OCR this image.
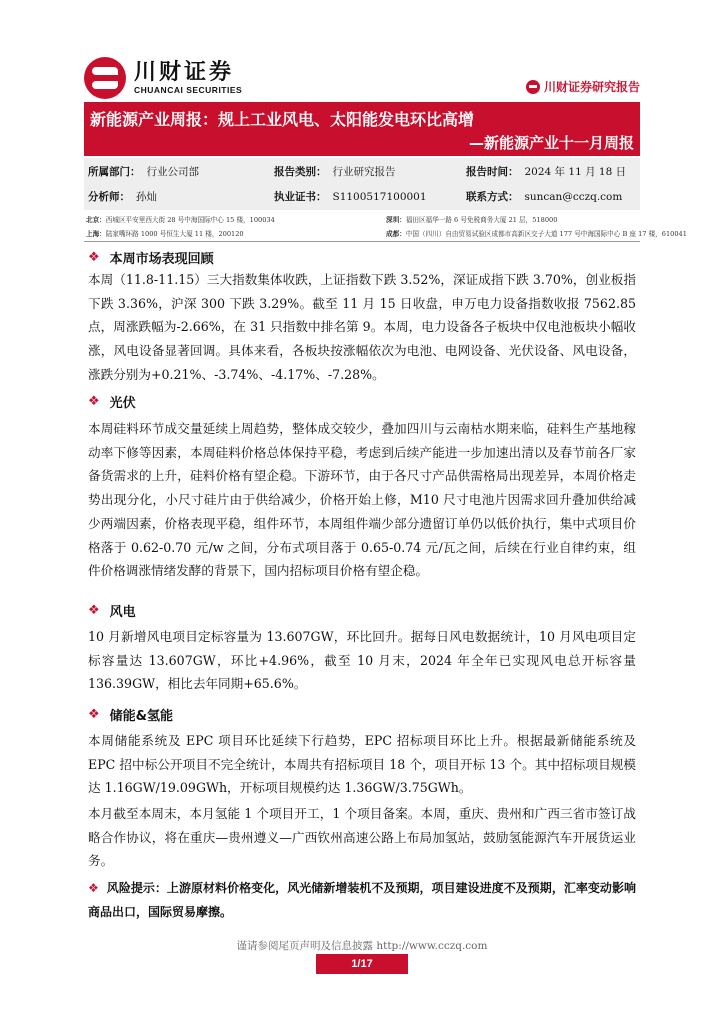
川财证券
CHUANCAI SECURITIES	川财证券研究报告
新能源产业周报：规上工业风电、太阳能发电环比高增
—新能源产业十一月周报
所属部门： 行业公司部	报告类别： 行业研究报告	报告时间： 2024 年 11 月 18 日
分析师： 孙灿	执业证书： S1100517100001	联系方式： suncan@cczq.com
北京：西城区平安里西大街 28 号中海国际中心 15 楼，100034	深圳：福田区福华一路 6 号免税商务大厦 21 层，518000
上海：陆家嘴环路 1000 号恒生大厦 11 楼，200120	成都：中国（四川）自由贸易试验区成都市高新区交子大道 177 号中海国际中心 B 座 17 楼，610041
❖ 本周市场表现回顾
本周（11.8-11.15）三大指数集体收跌，上证指数下跌 3.52%，深证成指下跌 3.70%，创业板指下跌 3.36%，沪深 300 下跌 3.29%。截至 11 月 15 日收盘，申万电力设备指数收报 7562.85 点，周涨跌幅为-2.66%，在 31 只指数中排名第 9。本周，电力设备各子板块中仅电池板块小幅收涨，风电设备显著回调。具体来看，各板块按涨幅依次为电池、电网设备、光伏设备、风电设备，涨跌分别为+0.21%、-3.74%、-4.17%、-7.28%。
❖ 光伏
本周硅料环节成交量延续上周趋势，整体成交较少，叠加四川与云南枯水期来临，硅料生产基地稼动率下修等因素，本周硅料价格总体保持平稳，考虑到后续产能进一步加速出清以及春节前各厂家备货需求的上升，硅料价格有望企稳。下游环节，由于各尺寸产品供需格局出现差异，本周价格走势出现分化，小尺寸硅片由于供给减少，价格开始上修，M10 尺寸电池片因需求回升叠加供给减少两端因素，价格表现平稳，组件环节，本周组件端少部分遗留订单仍以低价执行，集中式项目价格落于 0.62-0.70 元/w 之间，分布式项目落于 0.65-0.74 元/瓦之间，后续在行业自律约束，组件价格调涨情绪发酵的背景下，国内招标项目价格有望企稳。
❖ 风电
10 月新增风电项目定标容量为 13.607GW，环比回升。据每日风电数据统计，10 月风电项目定标容量达 13.607GW，环比+4.96%，截至 10 月末，2024 年全年已实现风电总开标容量 136.39GW，相比去年同期+65.6%。
❖ 储能&氢能
本周储能系统及 EPC 项目环比延续下行趋势，EPC 招标项目环比上升。根据最新储能系统及 EPC 招中标公开项目不完全统计，本周共有招标项目 18 个，项目开标 13 个。其中招标项目规模达 1.16GW/19.09GWh，开标项目规模约达 1.36GW/3.75GWh。
本月截至本周末，本月氢能 1 个项目开工，1 个项目备案。本周，重庆、贵州和广西三省市签订战略合作协议，将在重庆—贵州遵义—广西钦州高速公路上布局加氢站，鼓励氢能源汽车开展货运业务。
❖ 风险提示：上游原材料价格变化，风光储新增装机不及预期，项目建设进度不及预期，汇率变动影响商品出口，国际贸易摩擦。
谨请参阅尾页声明及信息披露 http://www.cczq.com
1/17
